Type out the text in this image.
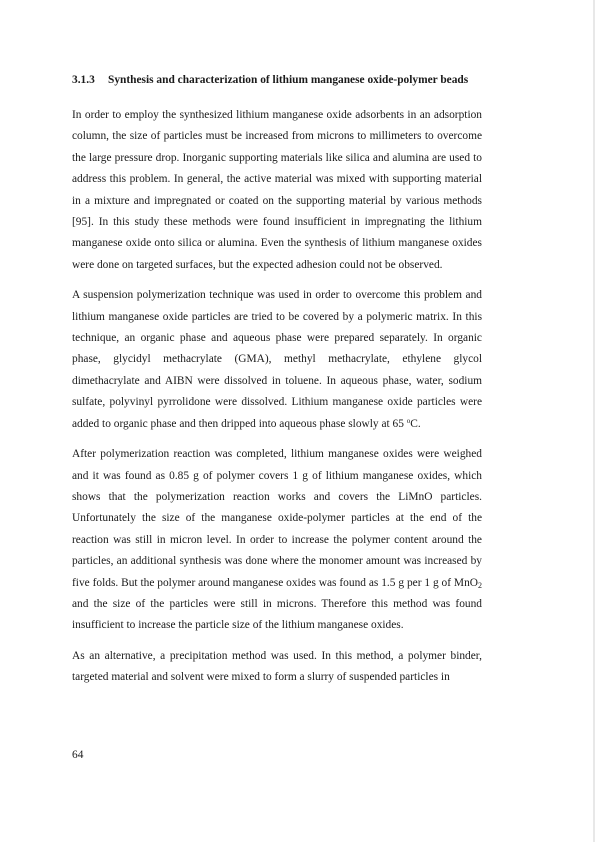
3.1.3	Synthesis and characterization of lithium manganese oxide-polymer beads

In order to employ the synthesized lithium manganese oxide adsorbents in an adsorption column, the size of particles must be increased from microns to millimeters to overcome the large pressure drop. Inorganic supporting materials like silica and alumina are used to address this problem. In general, the active material was mixed with supporting material in a mixture and impregnated or coated on the supporting material by various methods [95]. In this study these methods were found insufficient in impregnating the lithium manganese oxide onto silica or alumina. Even the synthesis of lithium manganese oxides were done on targeted surfaces, but the expected adhesion could not be observed.

A suspension polymerization technique was used in order to overcome this problem and lithium manganese oxide particles are tried to be covered by a polymeric matrix. In this technique, an organic phase and aqueous phase were prepared separately. In organic phase, glycidyl methacrylate (GMA), methyl methacrylate, ethylene glycol dimethacrylate and AIBN were dissolved in toluene. In aqueous phase, water, sodium sulfate, polyvinyl pyrrolidone were dissolved. Lithium manganese oxide particles were added to organic phase and then dripped into aqueous phase slowly at 65 $^o$C.

After polymerization reaction was completed, lithium manganese oxides were weighed and it was found as 0.85 g of polymer covers 1 g of lithium manganese oxides, which shows that the polymerization reaction works and covers the LiMnO particles. Unfortunately the size of the manganese oxide-polymer particles at the end of the reaction was still in micron level. In order to increase the polymer content around the particles, an additional synthesis was done where the monomer amount was increased by five folds. But the polymer around manganese oxides was found as 1.5 g per 1 g of MnO$_2$ and the size of the particles were still in microns. Therefore this method was found insufficient to increase the particle size of the lithium manganese oxides.

As an alternative, a precipitation method was used. In this method, a polymer binder, targeted material and solvent were mixed to form a slurry of suspended particles in

64
